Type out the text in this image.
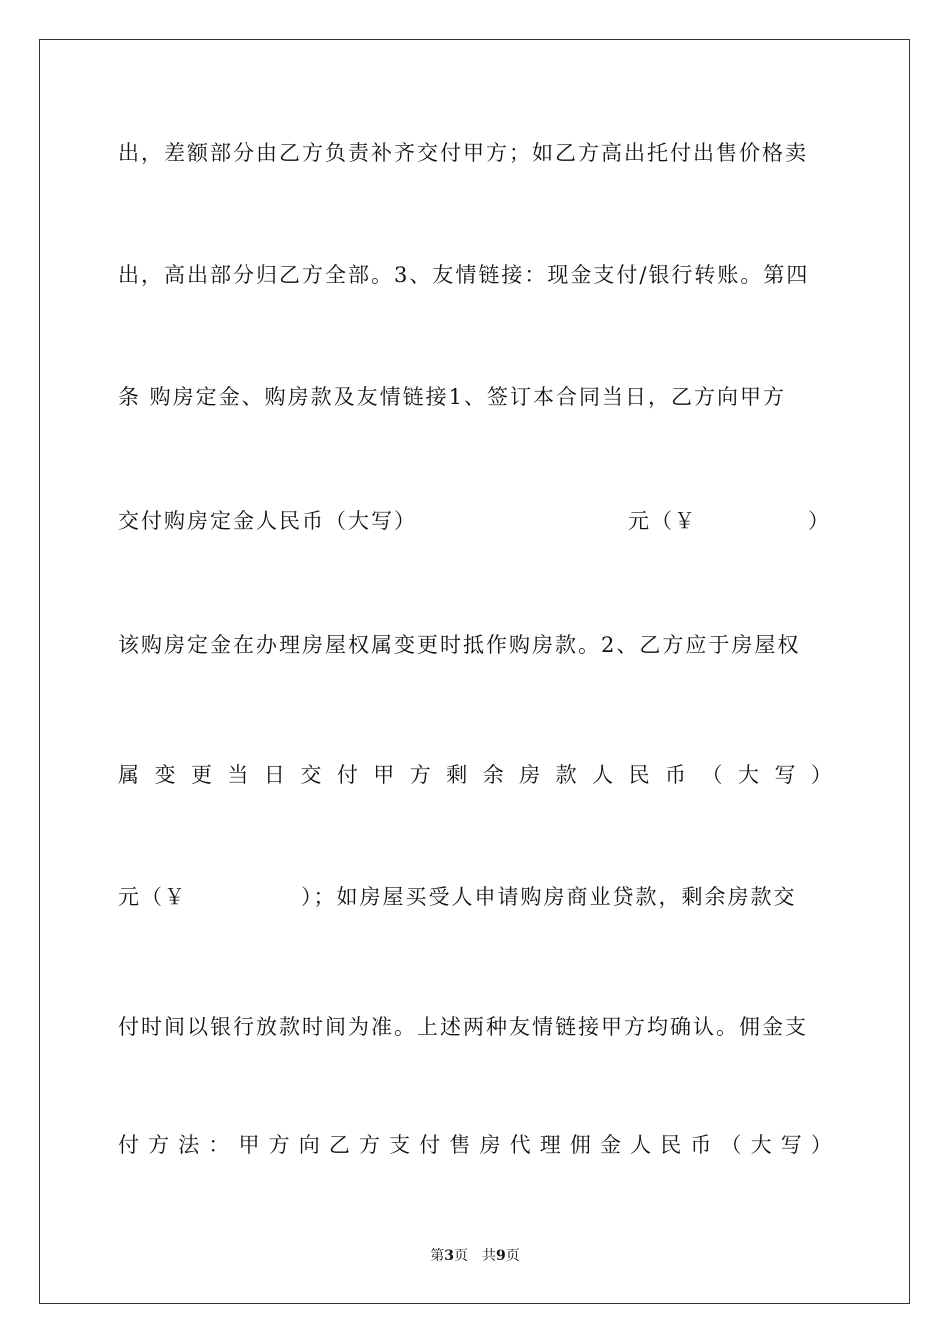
出，差额部分由乙方负责补齐交付甲方；如乙方高出托付出售价格卖
出，高出部分归乙方全部。3、友情链接：现金支付/银行转账。第四
条 购房定金、购房款及友情链接1、签订本合同当日，乙方向甲方
交付购房定金人民币（大写）	元（￥	）
该购房定金在办理房屋权属变更时抵作购房款。2、乙方应于房屋权
属 变 更 当 日 交 付 甲 方 剩 余 房 款 人 民 币 （ 大 写 ）
元（￥	）；如房屋买受人申请购房商业贷款，剩余房款交
付时间以银行放款时间为准。上述两种友情链接甲方均确认。佣金支
付 方 法 ： 甲 方 向 乙 方 支 付 售 房 代 理 佣 金 人 民 币 （ 大 写 ）
第3页　共9页
